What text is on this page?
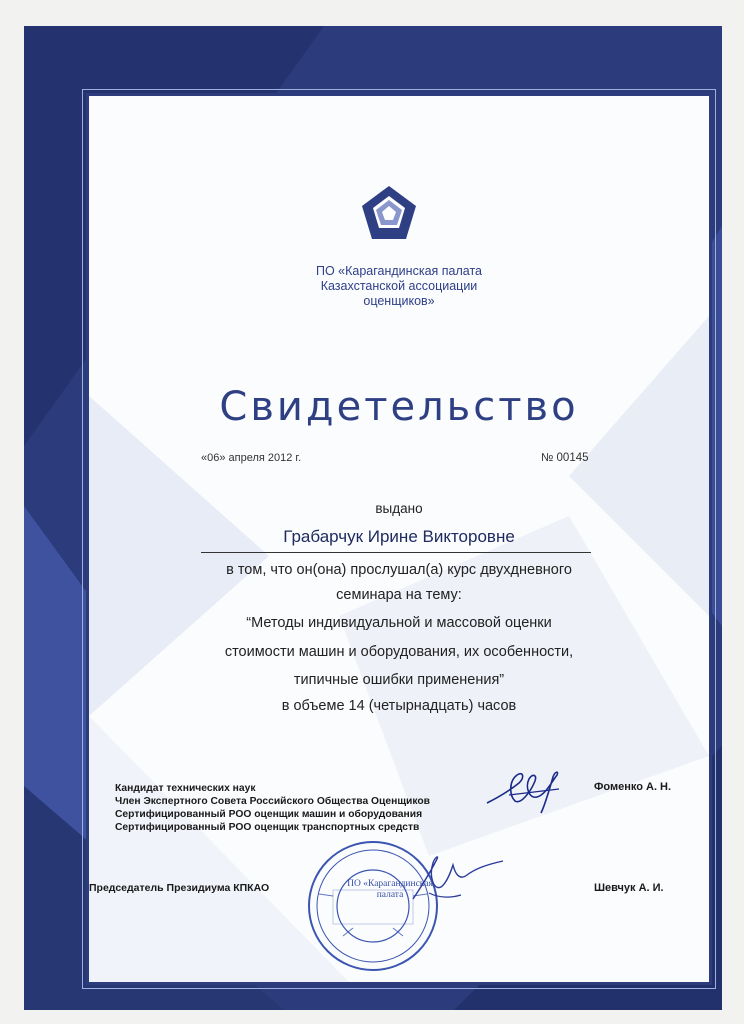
ПО «Карагандинская палата
Казахстанской ассоциации
оценщиков»
Свидетельство
«06» апреля 2012 г.	№ 00145
выдано
Грабарчук Ирине Викторовне
в том, что он(она) прослушал(а) курс двухдневного
семинара на тему:
“Методы индивидуальной и массовой оценки
стоимости машин и оборудования, их особенности,
типичные ошибки применения”
в объеме 14 (четырнадцать) часов
Кандидат технических наук
Член Экспертного Совета Российского Общества Оценщиков
Сертифицированный РОО оценщик машин и оборудования
Сертифицированный РОО оценщик транспортных средств
Фоменко А. Н.
Председатель Президиума КПКАО	Шевчук А. И.
ПО «Карагандинская палата
